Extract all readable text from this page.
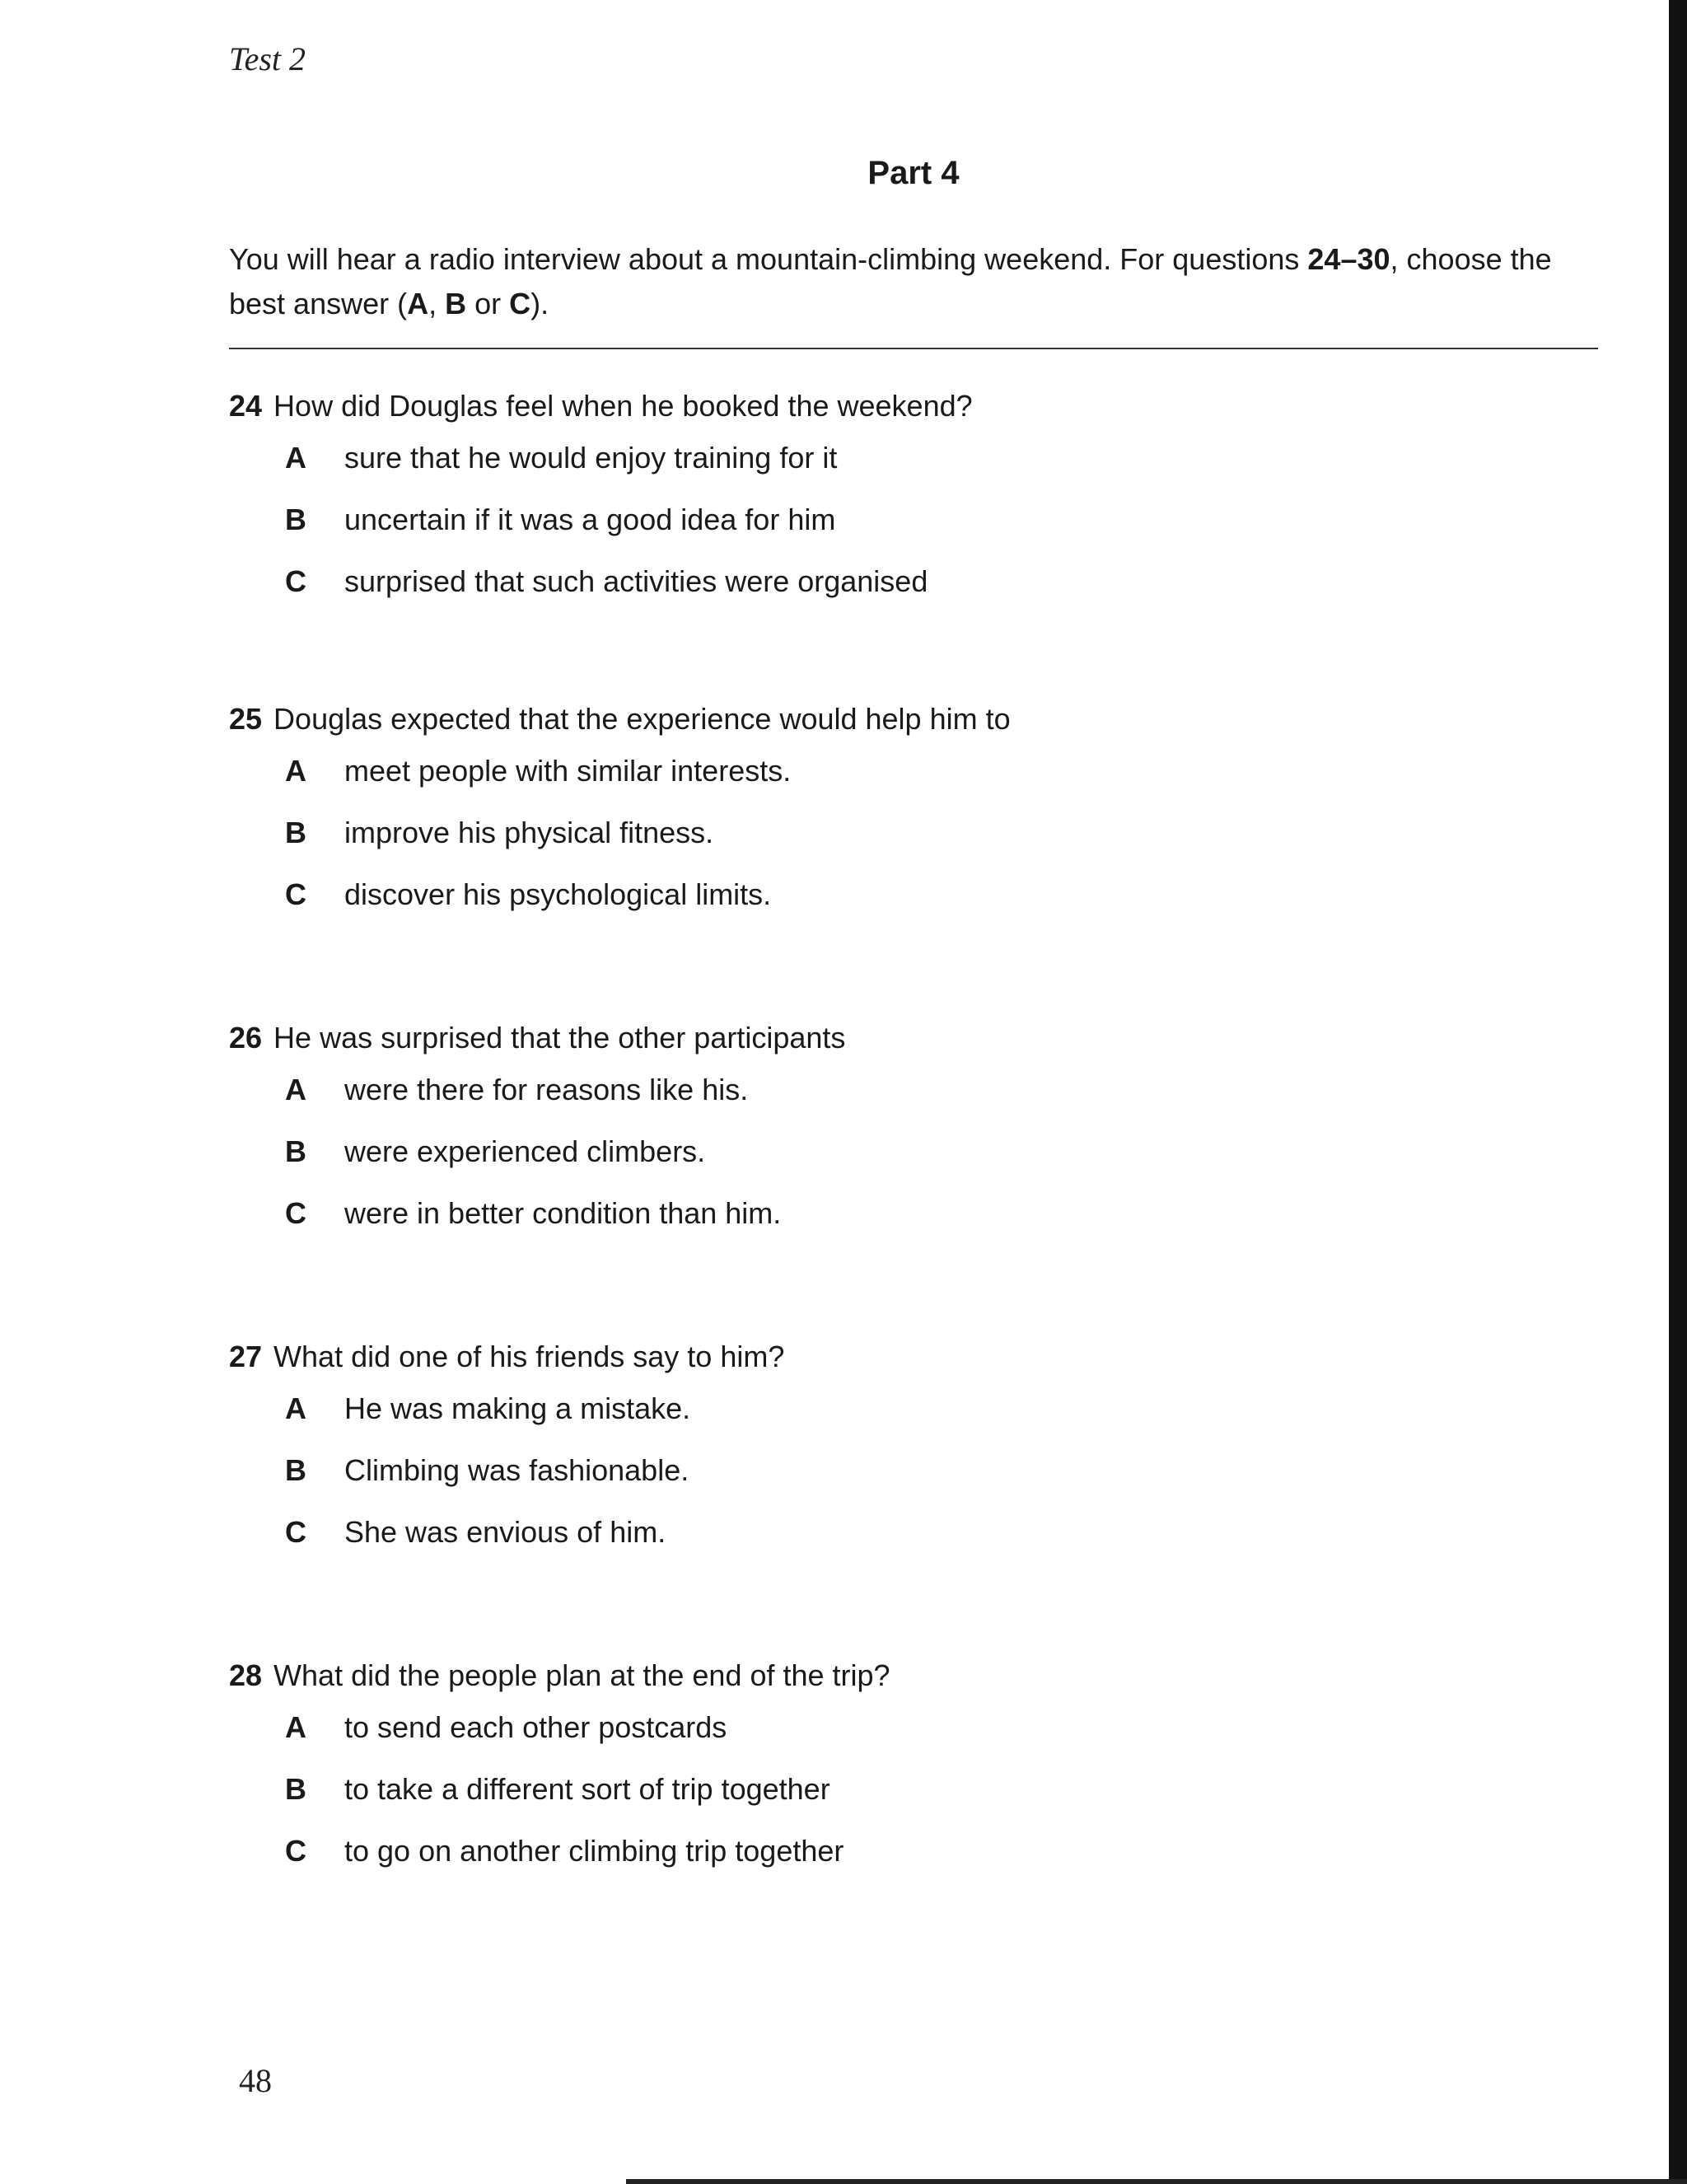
Test 2
Part 4
You will hear a radio interview about a mountain-climbing weekend. For questions 24–30, choose the best answer (A, B or C).
24 How did Douglas feel when he booked the weekend?
A sure that he would enjoy training for it
B uncertain if it was a good idea for him
C surprised that such activities were organised
25 Douglas expected that the experience would help him to
A meet people with similar interests.
B improve his physical fitness.
C discover his psychological limits.
26 He was surprised that the other participants
A were there for reasons like his.
B were experienced climbers.
C were in better condition than him.
27 What did one of his friends say to him?
A He was making a mistake.
B Climbing was fashionable.
C She was envious of him.
28 What did the people plan at the end of the trip?
A to send each other postcards
B to take a different sort of trip together
C to go on another climbing trip together
48
